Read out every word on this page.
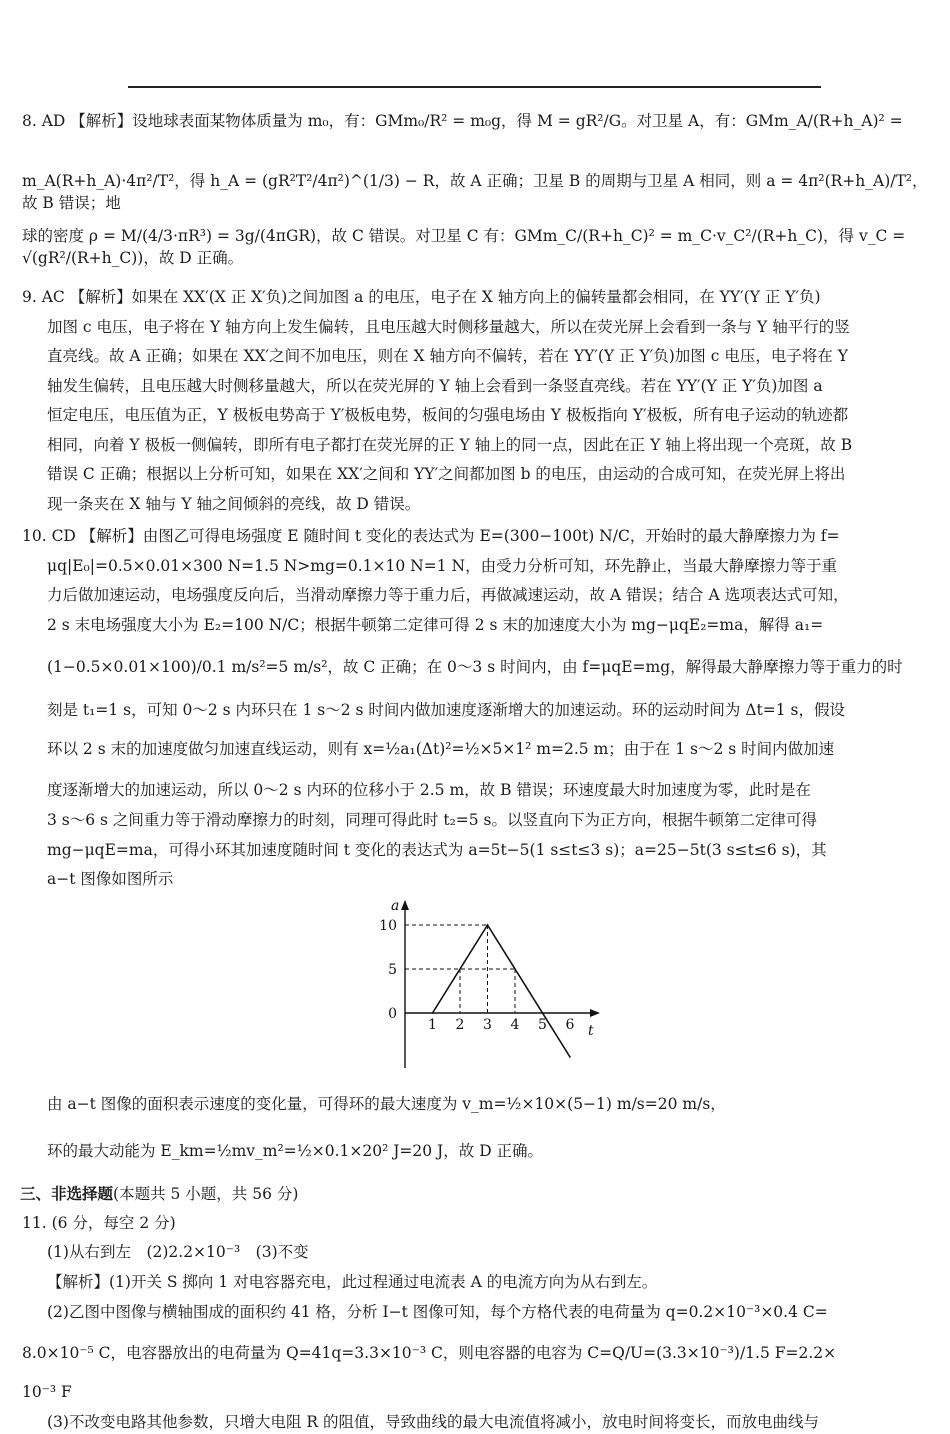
8. AD 【解析】设地球表面某物体质量为 m₀，有：GMm₀/R² = m₀g，得 M = gR²/G。对卫星 A，有：GMm_A/(R+h_A)² =
m_A(R+h_A)·4π²/T²，得 h_A = (gR²T²/4π²)^(1/3) − R，故 A 正确；卫星 B 的周期与卫星 A 相同，则 a = 4π²(R+h_A)/T²，故 B 错误；地
球的密度 ρ = M/(4/3·πR³) = 3g/(4πGR)，故 C 错误。对卫星 C 有：GMm_C/(R+h_C)² = m_C·v_C²/(R+h_C)，得 v_C = √(gR²/(R+h_C))，故 D 正确。
9. AC 【解析】如果在 XX′(X 正 X′负)之间加图 a 的电压，电子在 X 轴方向上的偏转量都会相同，在 YY′(Y 正 Y′负)
加图 c 电压，电子将在 Y 轴方向上发生偏转，且电压越大时侧移量越大，所以在荧光屏上会看到一条与 Y 轴平行的竖
直亮线。故 A 正确；如果在 XX′之间不加电压，则在 X 轴方向不偏转，若在 YY′(Y 正 Y′负)加图 c 电压，电子将在 Y
轴发生偏转，且电压越大时侧移量越大，所以在荧光屏的 Y 轴上会看到一条竖直亮线。若在 YY′(Y 正 Y′负)加图 a
恒定电压，电压值为正，Y 极板电势高于 Y′极板电势，板间的匀强电场由 Y 极板指向 Y′极板，所有电子运动的轨迹都
相同，向着 Y 极板一侧偏转，即所有电子都打在荧光屏的正 Y 轴上的同一点，因此在正 Y 轴上将出现一个亮斑，故 B
错误 C 正确；根据以上分析可知，如果在 XX′之间和 YY′之间都加图 b 的电压，由运动的合成可知，在荧光屏上将出
现一条夹在 X 轴与 Y 轴之间倾斜的亮线，故 D 错误。
10. CD 【解析】由图乙可得电场强度 E 随时间 t 变化的表达式为 E=(300−100t) N/C，开始时的最大静摩擦力为 f=
μq|E₀|=0.5×0.01×300 N=1.5 N>mg=0.1×10 N=1 N，由受力分析可知，环先静止，当最大静摩擦力等于重
力后做加速运动，电场强度反向后，当滑动摩擦力等于重力后，再做减速运动，故 A 错误；结合 A 选项表达式可知，
2 s 末电场强度大小为 E₂=100 N/C；根据牛顿第二定律可得 2 s 末的加速度大小为 mg−μqE₂=ma，解得 a₁=
(1−0.5×0.01×100)/0.1 m/s²=5 m/s²，故 C 正确；在 0～3 s 时间内，由 f=μqE=mg，解得最大静摩擦力等于重力的时
刻是 t₁=1 s，可知 0～2 s 内环只在 1 s～2 s 时间内做加速度逐渐增大的加速运动。环的运动时间为 Δt=1 s，假设
环以 2 s 末的加速度做匀加速直线运动，则有 x=½a₁(Δt)²=½×5×1² m=2.5 m；由于在 1 s～2 s 时间内做加速
度逐渐增大的加速运动，所以 0～2 s 内环的位移小于 2.5 m，故 B 错误；环速度最大时加速度为零，此时是在
3 s～6 s 之间重力等于滑动摩擦力的时刻，同理可得此时 t₂=5 s。以竖直向下为正方向，根据牛顿第二定律可得
mg−μqE=ma，可得小环其加速度随时间 t 变化的表达式为 a=5t−5(1 s≤t≤3 s)；a=25−5t(3 s≤t≤6 s)，其
a−t 图像如图所示
1 2 3 4 5 6
0
5
10
t
a
由 a−t 图像的面积表示速度的变化量，可得环的最大速度为 v_m=½×10×(5−1) m/s=20 m/s，
环的最大动能为 E_km=½mv_m²=½×0.1×20² J=20 J，故 D 正确。
三、非选择题(本题共 5 小题，共 56 分)
11. (6 分，每空 2 分)
(1)从右到左　(2)2.2×10⁻³　(3)不变
【解析】(1)开关 S 掷向 1 对电容器充电，此过程通过电流表 A 的电流方向为从右到左。
(2)乙图中图像与横轴围成的面积约 41 格，分析 I−t 图像可知，每个方格代表的电荷量为 q=0.2×10⁻³×0.4 C=
8.0×10⁻⁵ C，电容器放出的电荷量为 Q=41q=3.3×10⁻³ C，则电容器的电容为 C=Q/U=(3.3×10⁻³)/1.5 F=2.2×
10⁻³ F
(3)不改变电路其他参数，只增大电阻 R 的阻值，导致曲线的最大电流值将减小，放电时间将变长，而放电曲线与
